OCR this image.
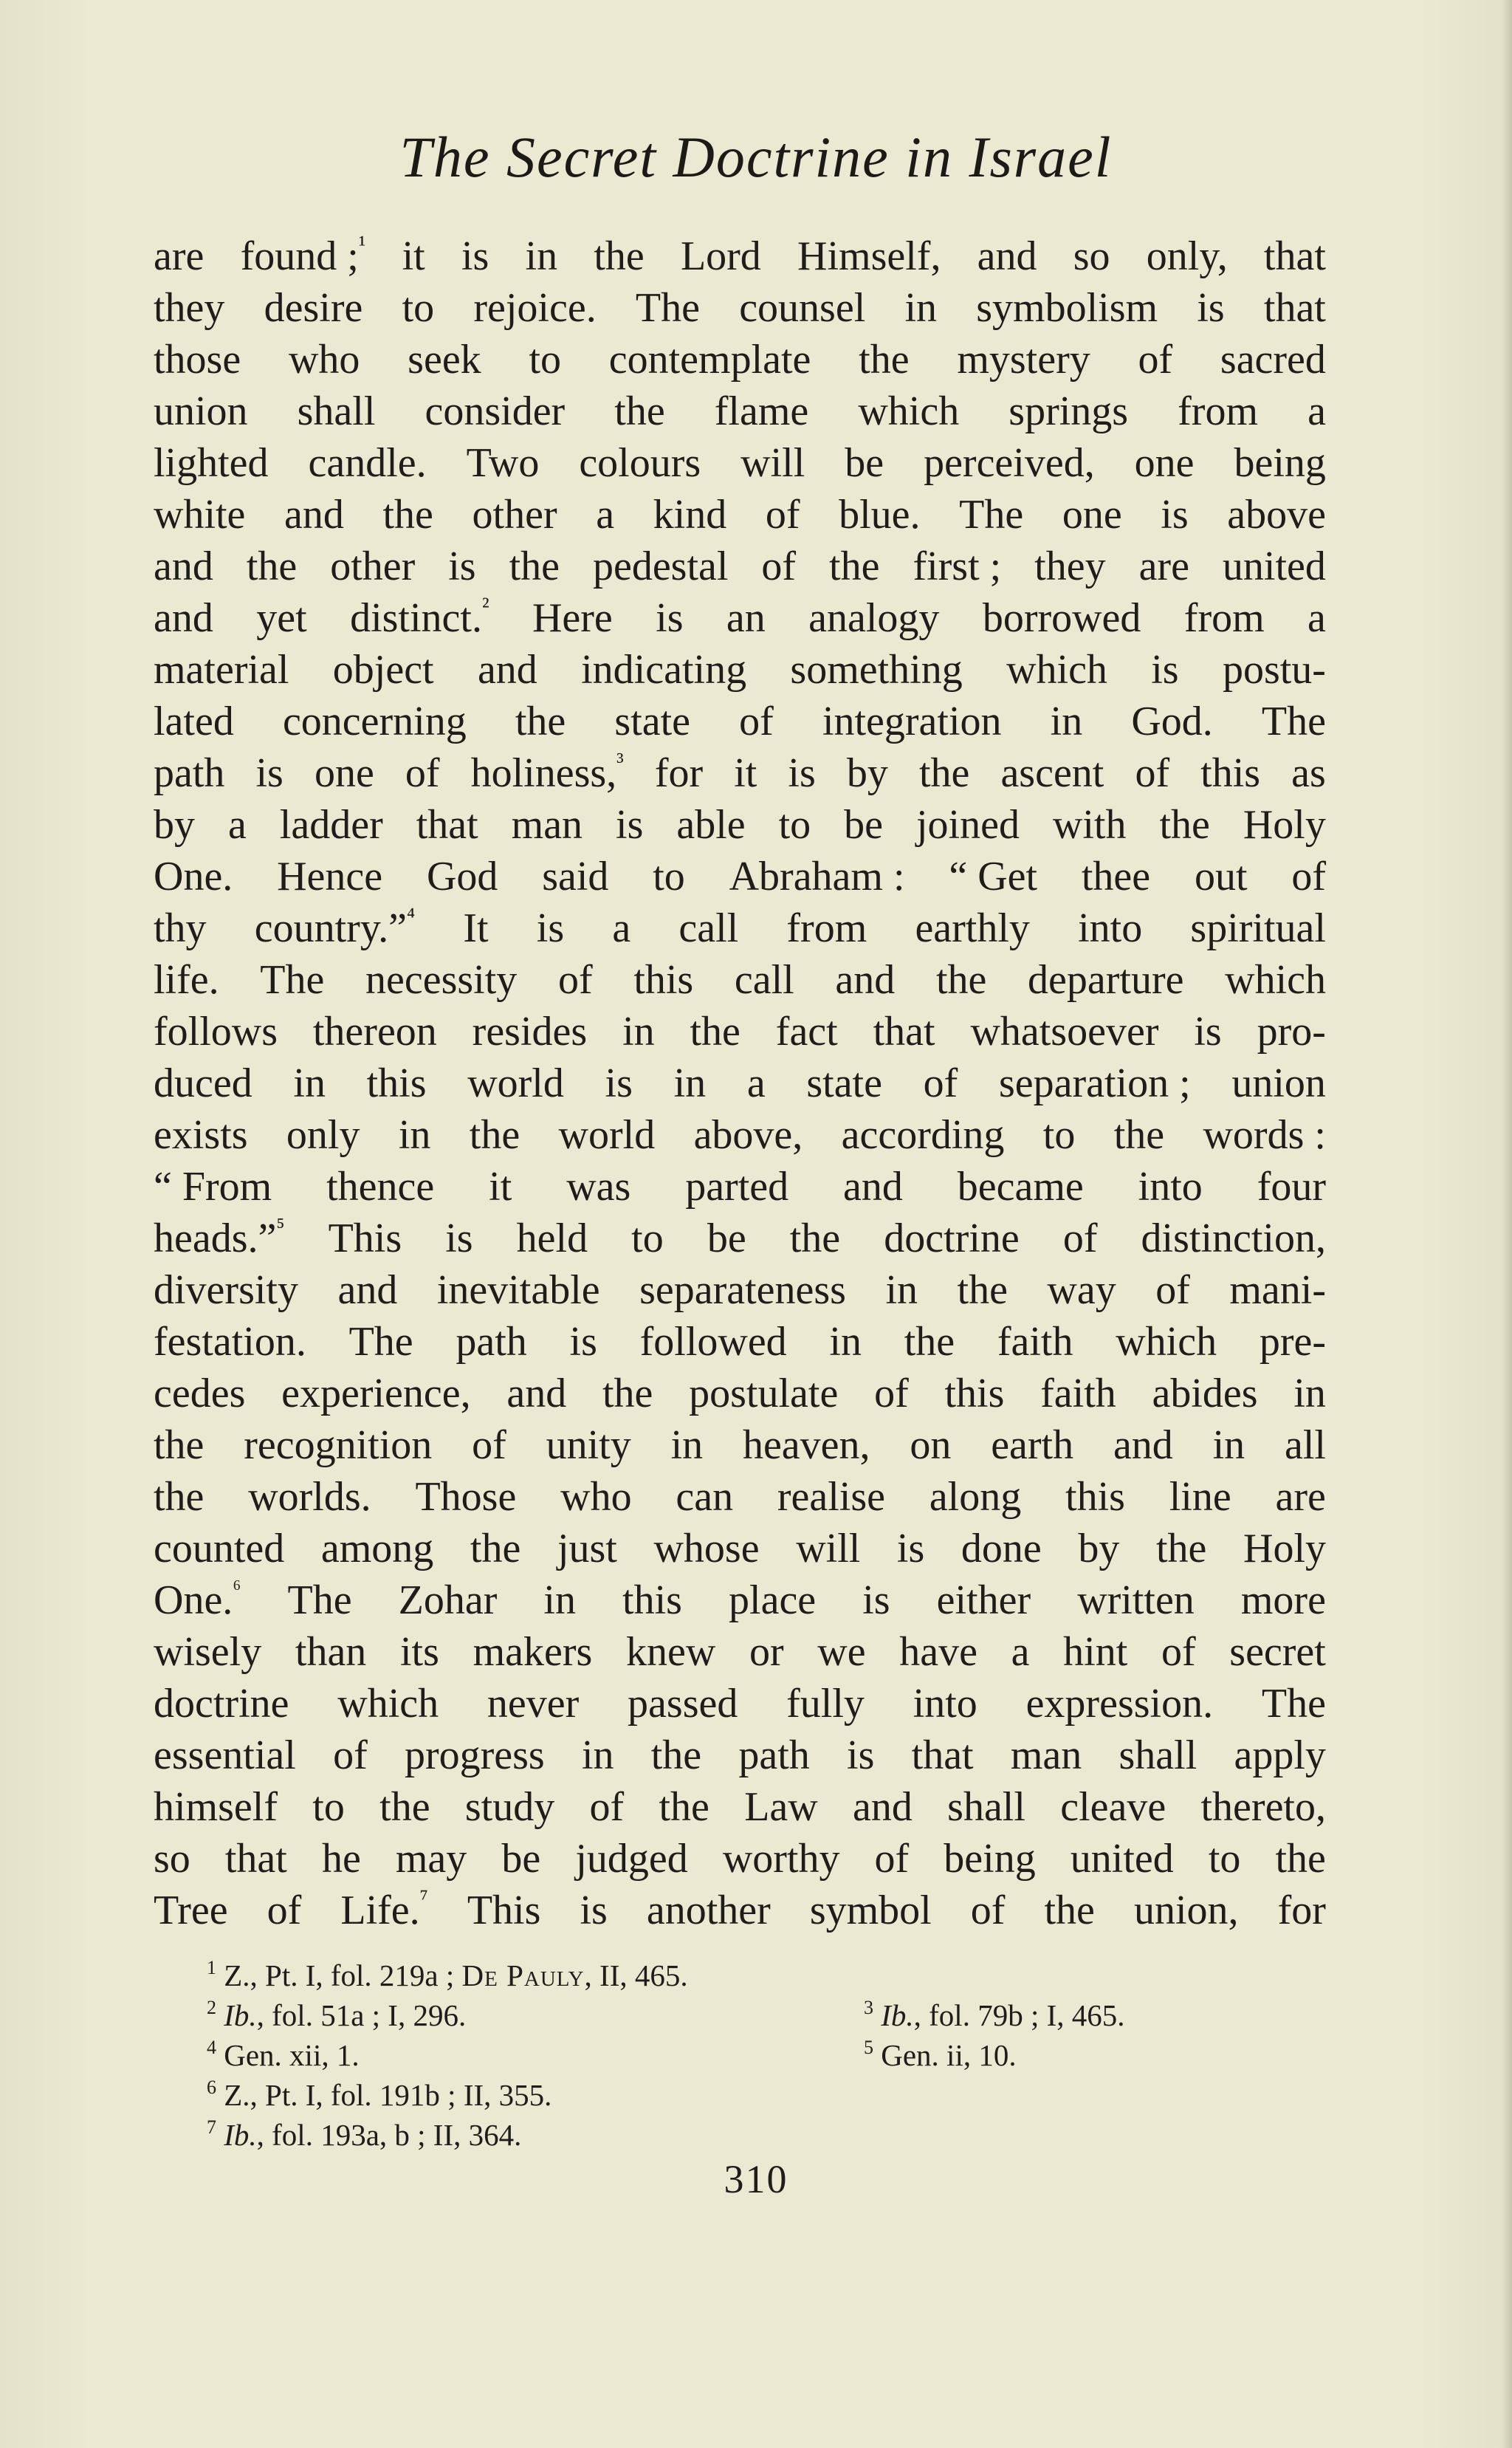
The Secret Doctrine in Israel
are found ;$^{^1}$ it is in the Lord Himself, and so only, that
they desire to rejoice. The counsel in symbolism is that
those who seek to contemplate the mystery of sacred
union shall consider the flame which springs from a
lighted candle. Two colours will be perceived, one being
white and the other a kind of blue. The one is above
and the other is the pedestal of the first ; they are united
and yet distinct.$^{^2}$ Here is an analogy borrowed from a
material object and indicating something which is postu-
lated concerning the state of integration in God. The
path is one of holiness,$^{^3}$ for it is by the ascent of this as
by a ladder that man is able to be joined with the Holy
One. Hence God said to Abraham : “ Get thee out of
thy country.”$^{^4}$ It is a call from earthly into spiritual
life. The necessity of this call and the departure which
follows thereon resides in the fact that whatsoever is pro-
duced in this world is in a state of separation ; union
exists only in the world above, according to the words :
“ From thence it was parted and became into four
heads.”$^{^5}$ This is held to be the doctrine of distinction,
diversity and inevitable separateness in the way of mani-
festation. The path is followed in the faith which pre-
cedes experience, and the postulate of this faith abides in
the recognition of unity in heaven, on earth and in all
the worlds. Those who can realise along this line are
counted among the just whose will is done by the Holy
One.$^{^6}$ The Zohar in this place is either written more
wisely than its makers knew or we have a hint of secret
doctrine which never passed fully into expression. The
essential of progress in the path is that man shall apply
himself to the study of the Law and shall cleave thereto,
so that he may be judged worthy of being united to the
Tree of Life.$^{^7}$ This is another symbol of the union, for
$^1$ Z., Pt. I, fol. 219a ; De Pauly, II, 465.
$^2$ Ib., fol. 51a ; I, 296.	$^3$ Ib., fol. 79b ; I, 465.
$^4$ Gen. xii, 1.	$^5$ Gen. ii, 10.
$^6$ Z., Pt. I, fol. 191b ; II, 355.
$^7$ Ib., fol. 193a, b ; II, 364.
310
